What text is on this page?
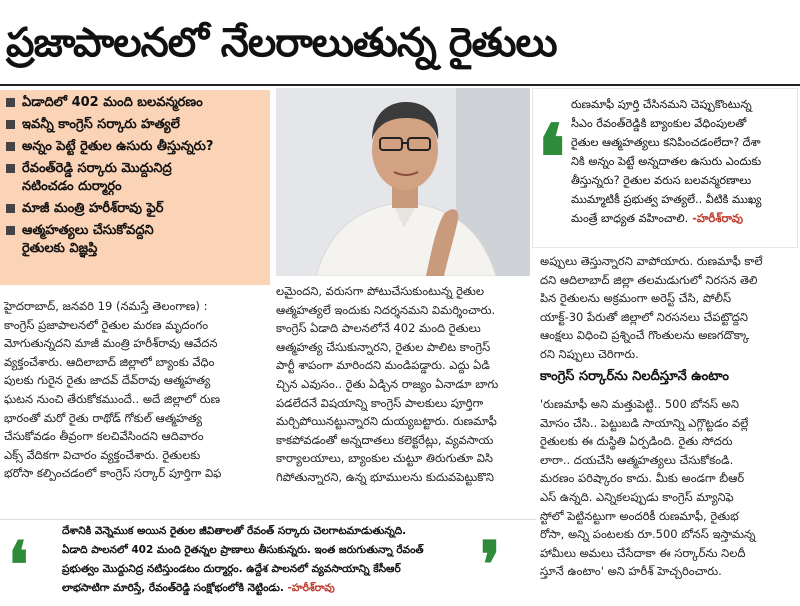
ప్రజాపాలనలో నేలరాలుతున్న రైతులు
ఏడాదిలో 402 మంది బలవన్మరణం
ఇవన్నీ కాంగ్రెస్ సర్కారు హత్యలే
అన్నం పెట్టే రైతుల ఉసురు తీస్తున్నరు?
రేవంత్‌రెడ్డి సర్కారు మొద్దునిద్ర
నటించడం దుర్మార్గం
మాజీ మంత్రి హరీశ్‌రావు ఫైర్
ఆత్మహత్యలు చేసుకోవద్దని
రైతులకు విజ్ఞప్తి
❛
రుణమాఫీ పూర్తి చేసినమని చెప్పుకొంటున్న
సీఎం రేవంత్‌రెడ్డికి బ్యాంకుల వేధింపులతో
రైతుల ఆత్మహత్యలు కనిపించడంలేదా? దేశా
నికి అన్నం పెట్టే అన్నదాతల ఉసురు ఎందుకు
తీస్తున్నరు? రైతుల వరుస బలవన్మరణాలు
ముమ్మాటికీ ప్రభుత్వ హత్యలే.. వీటికి ముఖ్య
మంత్రే బాధ్యత వహించాలి. -హరీశ్‌రావు
హైదరాబాద్, జనవరి 19 (నమస్తే తెలంగాణ) :
కాంగ్రెస్ ప్రజాపాలనలో రైతుల మరణ మృదంగం
మోగుతున్నదని మాజీ మంత్రి హరీశ్‌రావు ఆవేదన
వ్యక్తంచేశారు. ఆదిలాబాద్ జిల్లాలో బ్యాంకు వేధిం
పులకు గురైన రైతు జాదవ్ దేవ్‌రావు ఆత్మహత్య
ఘటన నుంచి తేరుకోకముందే.. అదే జిల్లాలో రుణ
భారంతో మరో రైతు రాథోడ్ గోకుల్ ఆత్మహత్య
చేసుకోవడం తీవ్రంగా కలచివేసిందని ఆదివారం
ఎక్స్ వేదికగా విచారం వ్యక్తంచేశారు. రైతులకు
భరోసా కల్పించడంలో కాంగ్రెస్ సర్కార్ పూర్తిగా విఫ
లమైందని, వరుసగా పోటుచేసుకుంటున్న రైతుల
ఆత్మహత్యలే ఇందుకు నిదర్శనమని విమర్శించారు.
కాంగ్రెస్ ఏడాది పాలనలోనే 402 మంది రైతులు
ఆత్మహత్య చేసుకున్నారని, రైతుల పాలిట కాంగ్రెస్
పార్టీ శాపంగా మారిందని మండిపడ్డారు. ఎద్దు ఏడి
చ్చిన ఎవుసం.. రైతు ఏడ్చిన రాజ్యం ఏనాడూ బాగు
పడలేదనే విషయాన్ని కాంగ్రెస్ పాలకులు పూర్తిగా
మర్చిపోయినట్టున్నారని దుయ్యబట్టారు. రుణమాఫీ
కాకపోవడంతో అన్నదాతలు కలెక్టరేట్లు, వ్యవసాయ
కార్యాలయాలు, బ్యాంకుల చుట్టూ తిరుగుతూ విసి
గిపోతున్నారని, ఉన్న భూములను కుదువపెట్టుకొని
అప్పులు తెస్తున్నారని వాపోయారు. రుణమాఫీ కాలే
దని ఆదిలాబాద్ జిల్లా తలమడుగులో నిరసన తెలి
పిన రైతులను అక్రమంగా అరెస్ట్ చేసి, పోలీస్
యాక్ట్-30 పేరుతో జిల్లాలో నిరసనలు చేపట్టొద్దని
ఆంక్షలు విధించి ప్రశ్నించే గొంతులను అణగదొక్కా
రని నిప్పులు చెరిగారు.
కాంగ్రెస్ సర్కార్‌ను నిలదీస్తూనే ఉంటాం
'రుణమాఫీ అని మత్తుపెట్టి.. 500 బోనస్ అని
మోసం చేసి.. పెట్టుబడి సాయాన్ని ఎగ్గొట్టడం వల్లే
రైతులకు ఈ దుస్థితి ఏర్పడింది. రైతు సోదరు
లారా.. దయచేసి ఆత్మహత్యలు చేసుకోకండి.
మరణం పరిష్కారం కాదు. మీకు అండగా బీఆర్
ఎస్ ఉన్నది. ఎన్నికలప్పుడు కాంగ్రెస్ మ్యానిఫె
స్టోలో పెట్టినట్టుగా అందరికీ రుణమాఫీ, రైతుభ
రోసా, అన్ని పంటలకు రూ.500 బోనస్ ఇస్తామన్న
హామీలు అమలు చేసేదాకా ఈ సర్కార్‌ను నిలదీ
స్తూనే ఉంటాం' అని హరీశ్ హెచ్చరించారు.
❛	దేశానికి వెన్నెముక అయిన రైతుల జీవితాలతో రేవంత్ సర్కారు చెలగాటమాడుతున్నది.
ఏడాది పాలనలో 402 మంది రైతన్నల ప్రాణాలు తీసుకున్నరు. ఇంత జరుగుతున్నా రేవంత్
ప్రభుత్వం మొద్దునిద్ర నటిస్తుండటం దుర్మార్గం. ఉద్దేశ పాలనలో వ్యవసాయాన్ని కేసీఆర్
లాభసాటిగా మారిస్తే, రేవంత్‌రెడ్డి సంక్షోభంలోకి నెట్టిండు. -హరీశ్‌రావు	❜
